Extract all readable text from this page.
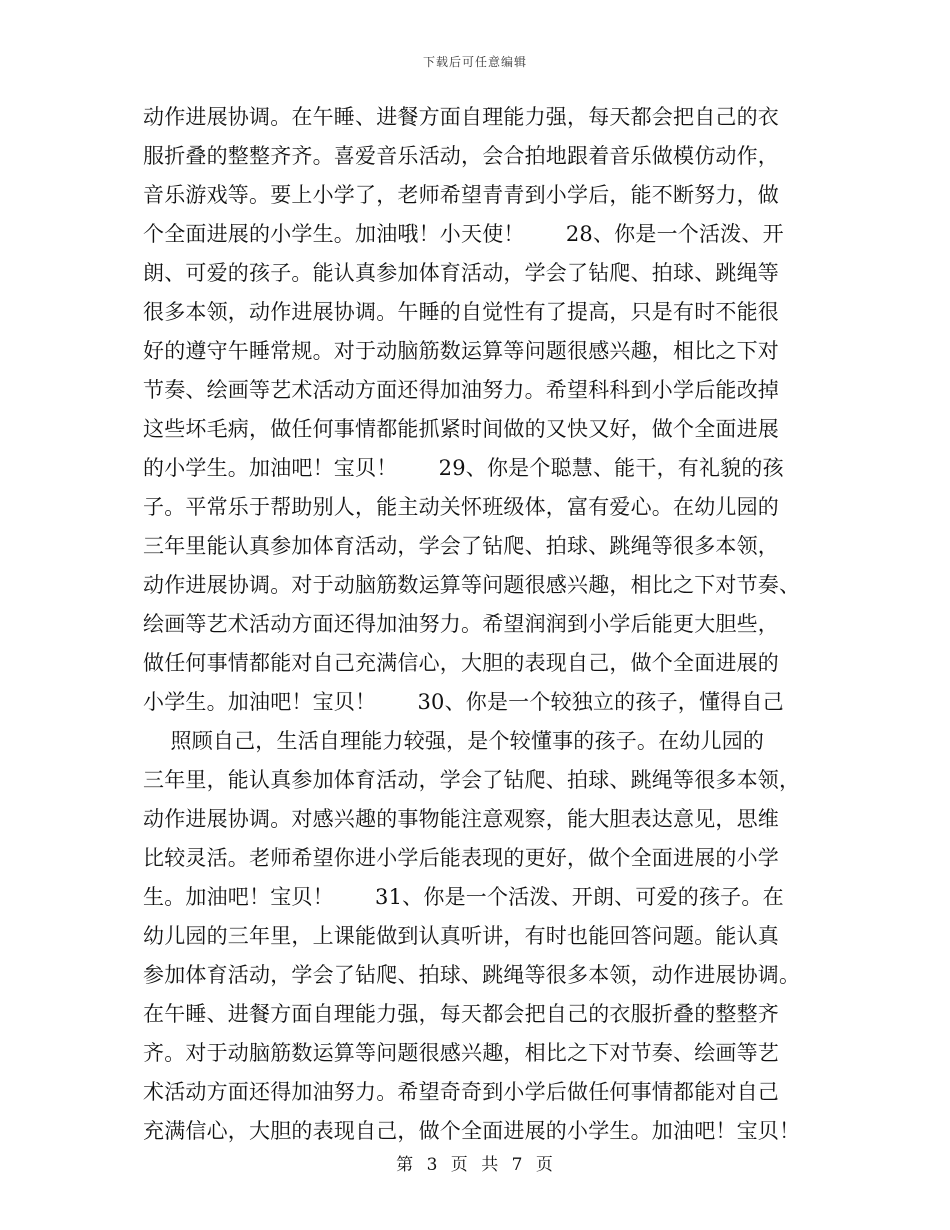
下载后可任意编辑
动作进展协调。在午睡、进餐方面自理能力强，每天都会把自己的衣
服折叠的整整齐齐。喜爱音乐活动，会合拍地跟着音乐做模仿动作，
音乐游戏等。要上小学了，老师希望青青到小学后，能不断努力，做
个全面进展的小学生。加油哦！小天使！      28、你是一个活泼、开
朗、可爱的孩子。能认真参加体育活动，学会了钻爬、拍球、跳绳等
很多本领，动作进展协调。午睡的自觉性有了提高，只是有时不能很
好的遵守午睡常规。对于动脑筋数运算等问题很感兴趣，相比之下对
节奏、绘画等艺术活动方面还得加油努力。希望科科到小学后能改掉
这些坏毛病，做任何事情都能抓紧时间做的又快又好，做个全面进展
的小学生。加油吧！宝贝！      29、你是个聪慧、能干，有礼貌的孩
子。平常乐于帮助别人，能主动关怀班级体，富有爱心。在幼儿园的
三年里能认真参加体育活动，学会了钻爬、拍球、跳绳等很多本领，
动作进展协调。对于动脑筋数运算等问题很感兴趣，相比之下对节奏、
绘画等艺术活动方面还得加油努力。希望润润到小学后能更大胆些，
做任何事情都能对自己充满信心，大胆的表现自己，做个全面进展的
小学生。加油吧！宝贝！      30、你是一个较独立的孩子，懂得自己
照顾自己，生活自理能力较强，是个较懂事的孩子。在幼儿园的
三年里，能认真参加体育活动，学会了钻爬、拍球、跳绳等很多本领，
动作进展协调。对感兴趣的事物能注意观察，能大胆表达意见，思维
比较灵活。老师希望你进小学后能表现的更好，做个全面进展的小学
生。加油吧！宝贝！      31、你是一个活泼、开朗、可爱的孩子。在
幼儿园的三年里，上课能做到认真听讲，有时也能回答问题。能认真
参加体育活动，学会了钻爬、拍球、跳绳等很多本领，动作进展协调。
在午睡、进餐方面自理能力强，每天都会把自己的衣服折叠的整整齐
齐。对于动脑筋数运算等问题很感兴趣，相比之下对节奏、绘画等艺
术活动方面还得加油努力。希望奇奇到小学后做任何事情都能对自己
充满信心，大胆的表现自己，做个全面进展的小学生。加油吧！宝贝！
第 3 页 共 7 页
